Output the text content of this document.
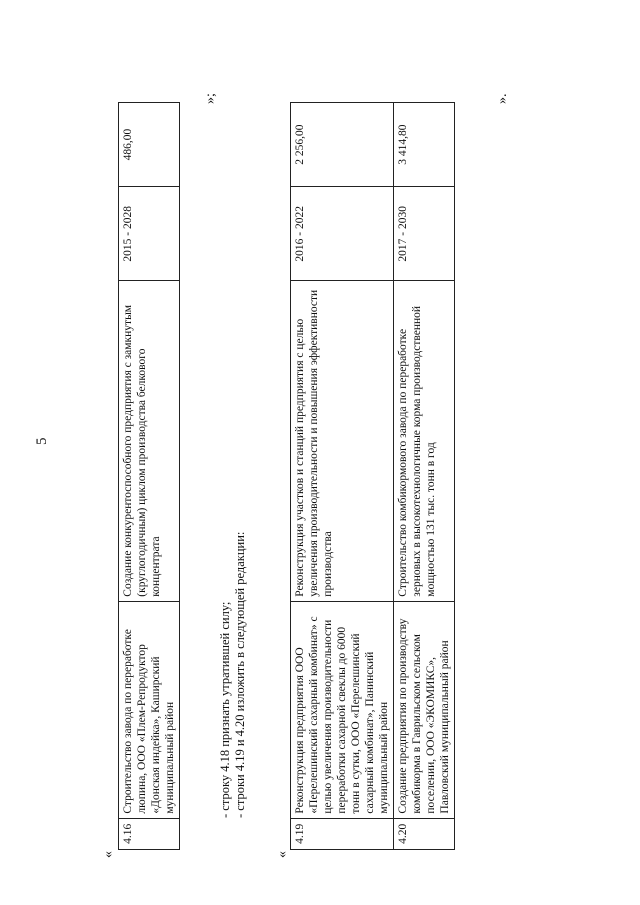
5
«
4.16	Строительство завода по переработке люпина, ООО «Плем-Репродуктор «Донская индейка», Каширский муниципальный район	Создание конкурентоспособного предприятия с замкнутым (круглогодичным) циклом производства белкового концентрата	2015 - 2028	486,00
»;
- строку 4.18 признать утратившей силу; - строки 4.19 и 4.20 изложить в следующей редакции:
«
4.19	Реконструкция предприятия ООО «Перелешинский сахарный комбинат» с целью увеличения производительности переработки сахарной свеклы до 6000 тонн в сутки, ООО «Перелешинский сахарный комбинат», Панинский муниципальный район	Реконструкция участков и станций предприятия с целью увеличения производительности и повышения эффективности производства	2016 - 2022	2 256,00
4.20	Создание предприятия по производству комбикорма в Гаврильском сельском поселении, ООО «ЭКОМИКС», Павловский муниципальный район	Строительство комбикормового завода по переработке зерновых в высокотехнологичные корма производственной мощностью 131 тыс. тонн в год	2017 - 2030	3 414,80
».
